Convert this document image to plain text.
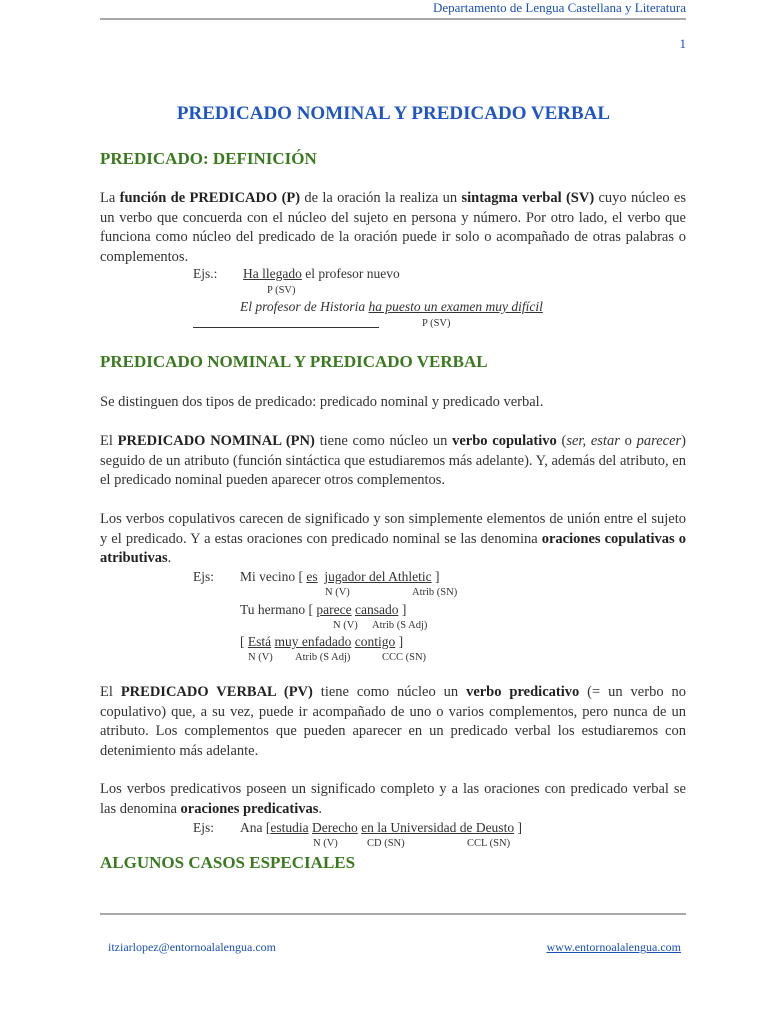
Departamento de Lengua Castellana y Literatura
1
PREDICADO NOMINAL Y PREDICADO VERBAL
PREDICADO: DEFINICIÓN
La función de PREDICADO (P) de la oración la realiza un sintagma verbal (SV) cuyo núcleo es un verbo que concuerda con el núcleo del sujeto en persona y número. Por otro lado, el verbo que funciona como núcleo del predicado de la oración puede ir solo o acompañado de otras palabras o complementos.
Ejs.: Ha llegado el profesor nuevo
P (SV)
El profesor de Historia ha puesto un examen muy difícil
P (SV)
PREDICADO NOMINAL Y PREDICADO VERBAL
Se distinguen dos tipos de predicado: predicado nominal y predicado verbal.
El PREDICADO NOMINAL (PN) tiene como núcleo un verbo copulativo (ser, estar o parecer) seguido de un atributo (función sintáctica que estudiaremos más adelante). Y, además del atributo, en el predicado nominal pueden aparecer otros complementos.
Los verbos copulativos carecen de significado y son simplemente elementos de unión entre el sujeto y el predicado. Y a estas oraciones con predicado nominal se las denomina oraciones copulativas o atributivas.
Ejs: Mi vecino [ es jugador del Athletic ]
N (V)	Atrib (SN)
Tu hermano [ parece cansado ]
N (V) Atrib (S Adj)
[ Está muy enfadado contigo ]
N (V) Atrib (S Adj)	CCC (SN)
El PREDICADO VERBAL (PV) tiene como núcleo un verbo predicativo (= un verbo no copulativo) que, a su vez, puede ir acompañado de uno o varios complementos, pero nunca de un atributo. Los complementos que pueden aparecer en un predicado verbal los estudiaremos con detenimiento más adelante.
Los verbos predicativos poseen un significado completo y a las oraciones con predicado verbal se las denomina oraciones predicativas.
Ejs: Ana [estudia Derecho en la Universidad de Deusto ]
N (V)	CD (SN)	CCL (SN)
ALGUNOS CASOS ESPECIALES
itziarlopez@entornoalalengua.com	www.entornoalalengua.com
